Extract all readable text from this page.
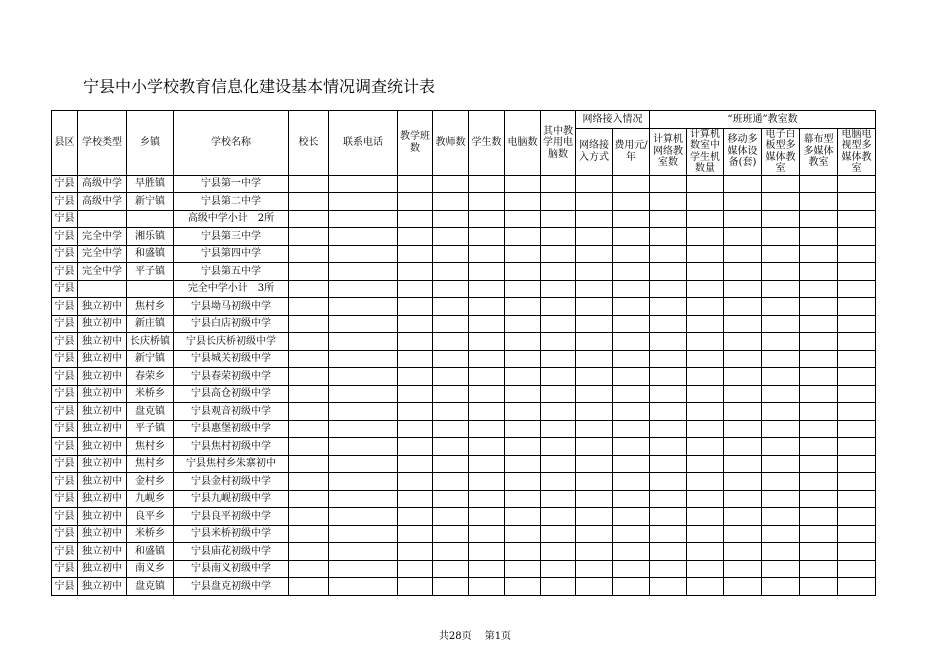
宁县中小学校教育信息化建设基本情况调查统计表
县区	学校类型	乡镇	学校名称	校长	联系电话	教学班数	教师数	学生数	电脑数	其中教学用电脑数	网络接入情况		“班班通”教室数					
											网络接入方式	费用元/年	计算机网络教室数	计算机数室中学生机数量	移动多媒体设备(套)	电子白板型多媒体教室	幕布型多媒体教室	电脑电视型多媒体教室
宁县	高级中学	早胜镇	宁县第一中学															
宁县	高级中学	新宁镇	宁县第二中学															
宁县			高级中学小计　2所															
宁县	完全中学	湘乐镇	宁县第三中学															
宁县	完全中学	和盛镇	宁县第四中学															
宁县	完全中学	平子镇	宁县第五中学															
宁县			完全中学小计　3所															
宁县	独立初中	焦村乡	宁县坳马初级中学															
宁县	独立初中	新庄镇	宁县白店初级中学															
宁县	独立初中	长庆桥镇	宁县长庆桥初级中学															
宁县	独立初中	新宁镇	宁县城关初级中学															
宁县	独立初中	春荣乡	宁县春荣初级中学															
宁县	独立初中	米桥乡	宁县高仓初级中学															
宁县	独立初中	盘克镇	宁县观音初级中学															
宁县	独立初中	平子镇	宁县惠堡初级中学															
宁县	独立初中	焦村乡	宁县焦村初级中学															
宁县	独立初中	焦村乡	宁县焦村乡朱寨初中															
宁县	独立初中	金村乡	宁县金村初级中学															
宁县	独立初中	九岘乡	宁县九岘初级中学															
宁县	独立初中	良平乡	宁县良平初级中学															
宁县	独立初中	米桥乡	宁县米桥初级中学															
宁县	独立初中	和盛镇	宁县庙花初级中学															
宁县	独立初中	南义乡	宁县南义初级中学															
宁县	独立初中	盘克镇	宁县盘克初级中学															
共28页　 第1页
